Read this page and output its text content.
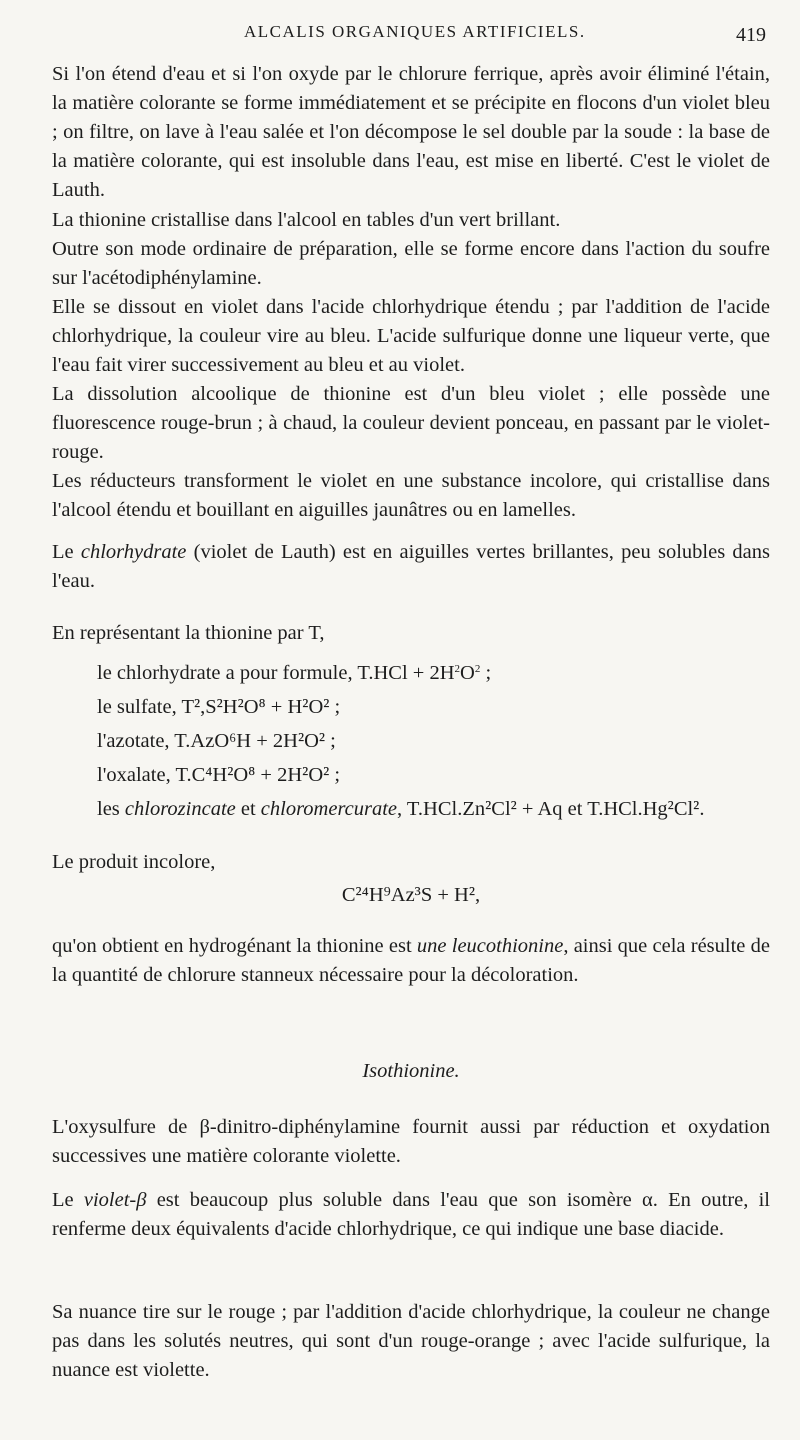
ALCALIS ORGANIQUES ARTIFICIELS.	419

Si l'on étend d'eau et si l'on oxyde par le chlorure ferrique, après avoir éliminé l'étain, la matière colorante se forme immédiatement et se précipite en flocons d'un violet bleu ; on filtre, on lave à l'eau salée et l'on décompose le sel double par la soude : la base de la matière colorante, qui est insoluble dans l'eau, est mise en liberté. C'est le violet de Lauth.

La thionine cristallise dans l'alcool en tables d'un vert brillant.

Outre son mode ordinaire de préparation, elle se forme encore dans l'action du soufre sur l'acétodiphénylamine.

Elle se dissout en violet dans l'acide chlorhydrique étendu ; par l'addition de l'acide chlorhydrique, la couleur vire au bleu. L'acide sulfurique donne une liqueur verte, que l'eau fait virer successivement au bleu et au violet.

La dissolution alcoolique de thionine est d'un bleu violet ; elle possède une fluorescence rouge-brun ; à chaud, la couleur devient ponceau, en passant par le violet-rouge.

Les réducteurs transforment le violet en une substance incolore, qui cristallise dans l'alcool étendu et bouillant en aiguilles jaunâtres ou en lamelles.

Le chlorhydrate (violet de Lauth) est en aiguilles vertes brillantes, peu solubles dans l'eau.

En représentant la thionine par T,

le chlorhydrate a pour formule, $T.HCl + 2H^2O^2$ ;

le sulfate, T²,S²H²O⁸ + H²O² ;

l'azotate, T.AzO⁶H + 2H²O² ;

l'oxalate, T.C⁴H²O⁸ + 2H²O² ;

les chlorozincate et chloromercurate, T.HCl.Zn²Cl² + Aq et T.HCl.Hg²Cl².

Le produit incolore,

C²⁴H⁹Az³S + H²,

qu'on obtient en hydrogénant la thionine est une leucothionine, ainsi que cela résulte de la quantité de chlorure stanneux nécessaire pour la décoloration.

Isothionine.

L'oxysulfure de β-dinitro-diphénylamine fournit aussi par réduction et oxydation successives une matière colorante violette.

Le violet-β est beaucoup plus soluble dans l'eau que son isomère α. En outre, il renferme deux équivalents d'acide chlorhydrique, ce qui indique une base diacide.

Sa nuance tire sur le rouge ; par l'addition d'acide chlorhydrique, la couleur ne change pas dans les solutés neutres, qui sont d'un rouge-orange ; avec l'acide sulfurique, la nuance est violette.
